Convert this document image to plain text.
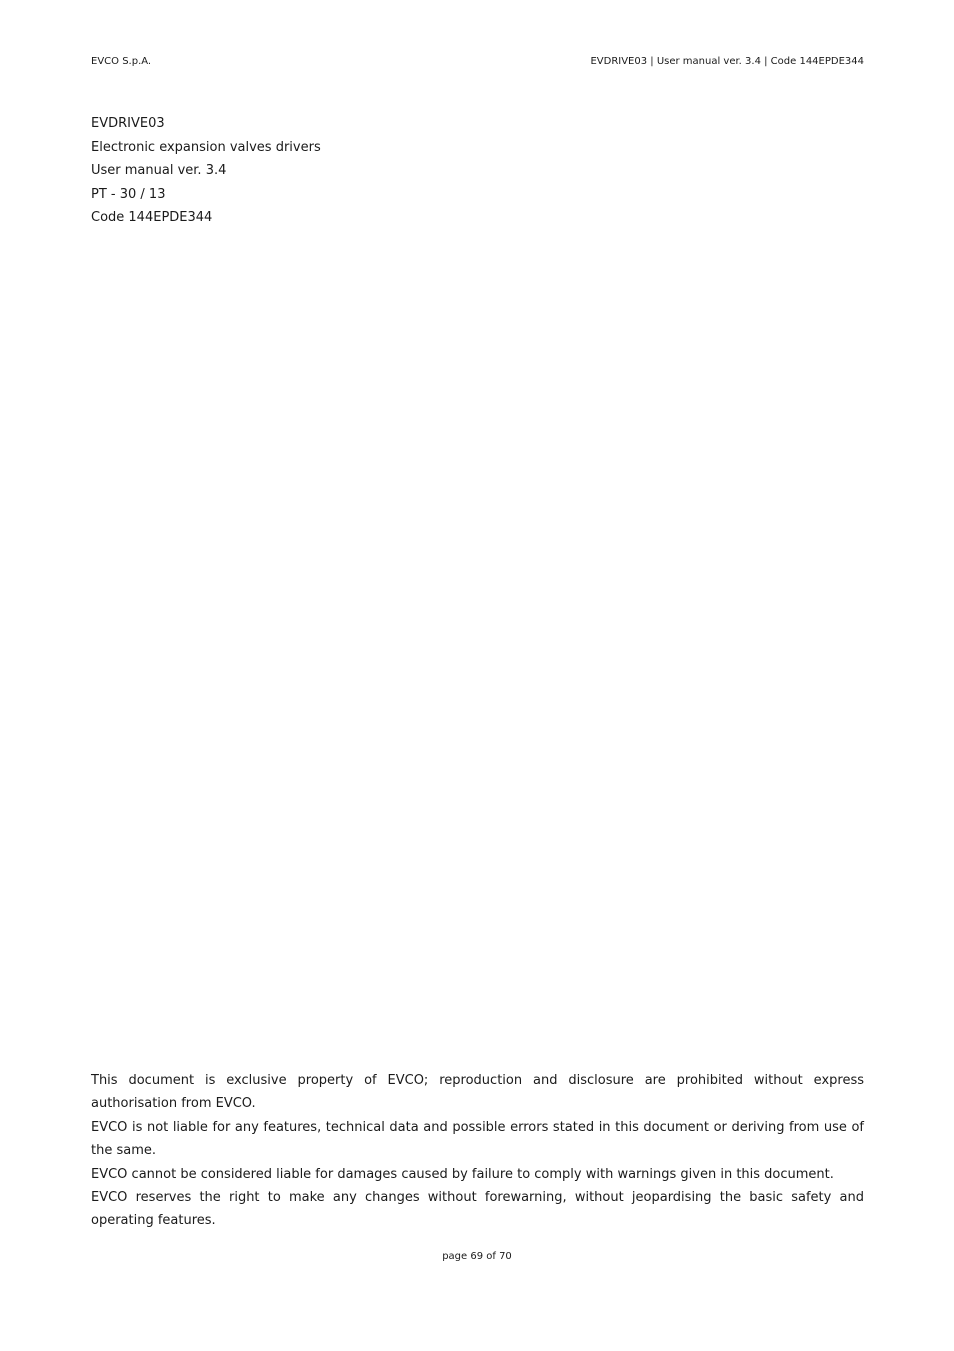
EVCO S.p.A.	EVDRIVE03 | User manual ver. 3.4 | Code 144EPDE344
EVDRIVE03
Electronic expansion valves drivers
User manual ver. 3.4
PT - 30 / 13
Code 144EPDE344

This document is exclusive property of EVCO; reproduction and disclosure are prohibited without express authorisation from EVCO.

EVCO is not liable for any features, technical data and possible errors stated in this document or deriving from use of the same.

EVCO cannot be considered liable for damages caused by failure to comply with warnings given in this document.

EVCO reserves the right to make any changes without forewarning, without jeopardising the basic safety and operating features.

page 69 of 70
